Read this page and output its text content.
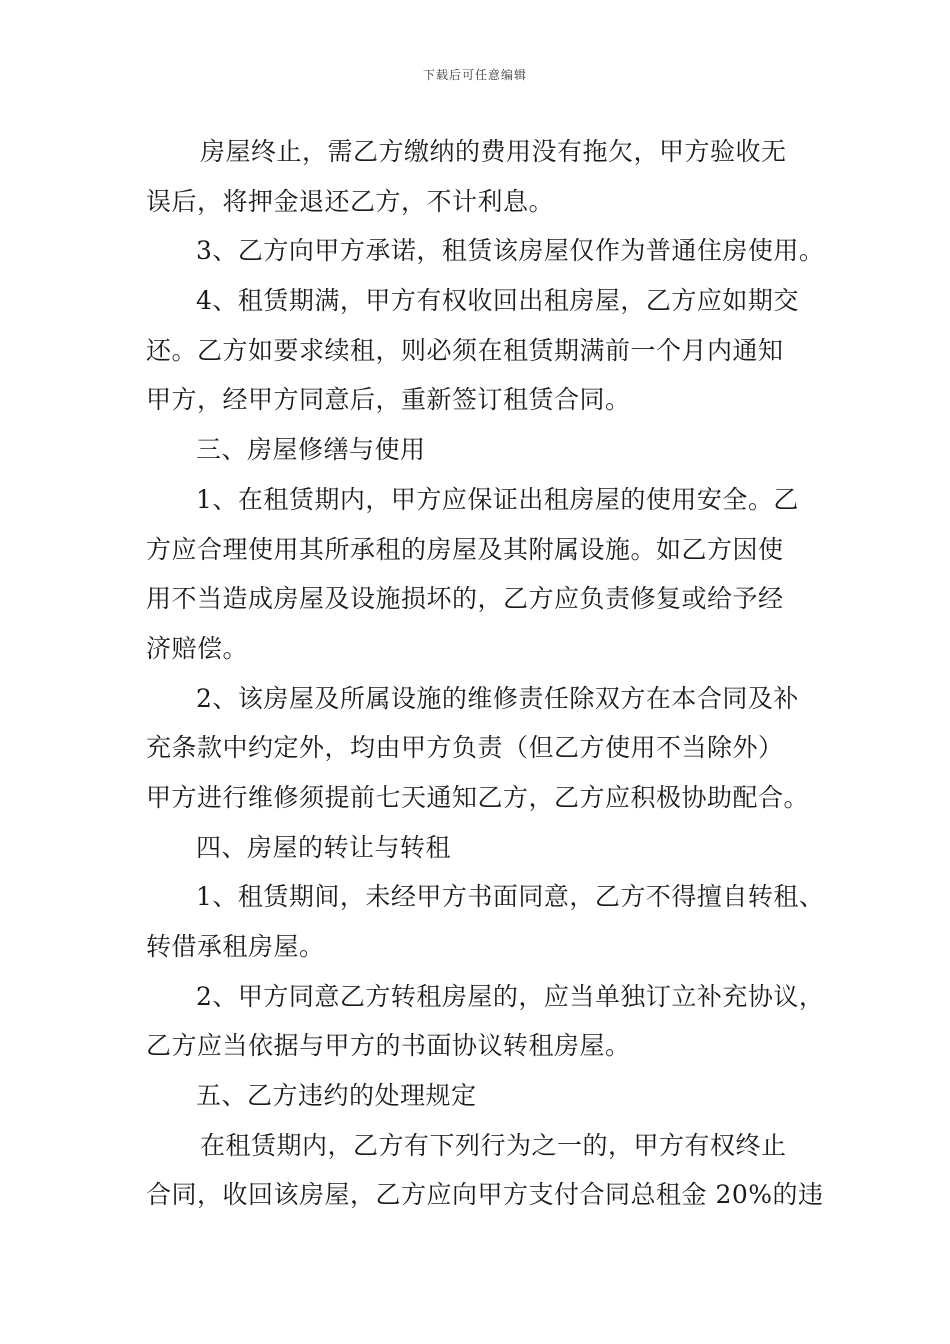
下载后可任意编辑
房屋终止，需乙方缴纳的费用没有拖欠，甲方验收无
误后，将押金退还乙方，不计利息。
3、乙方向甲方承诺，租赁该房屋仅作为普通住房使用。
4、租赁期满，甲方有权收回出租房屋，乙方应如期交
还。乙方如要求续租，则必须在租赁期满前一个月内通知
甲方，经甲方同意后，重新签订租赁合同。
三、房屋修缮与使用
1、在租赁期内，甲方应保证出租房屋的使用安全。乙
方应合理使用其所承租的房屋及其附属设施。如乙方因使
用不当造成房屋及设施损坏的，乙方应负责修复或给予经
济赔偿。
2、该房屋及所属设施的维修责任除双方在本合同及补
充条款中约定外，均由甲方负责（但乙方使用不当除外）
甲方进行维修须提前七天通知乙方，乙方应积极协助配合。
四、房屋的转让与转租
1、租赁期间，未经甲方书面同意，乙方不得擅自转租、
转借承租房屋。
2、甲方同意乙方转租房屋的，应当单独订立补充协议，
乙方应当依据与甲方的书面协议转租房屋。
五、乙方违约的处理规定
在租赁期内，乙方有下列行为之一的，甲方有权终止
合同，收回该房屋，乙方应向甲方支付合同总租金 20%的违
